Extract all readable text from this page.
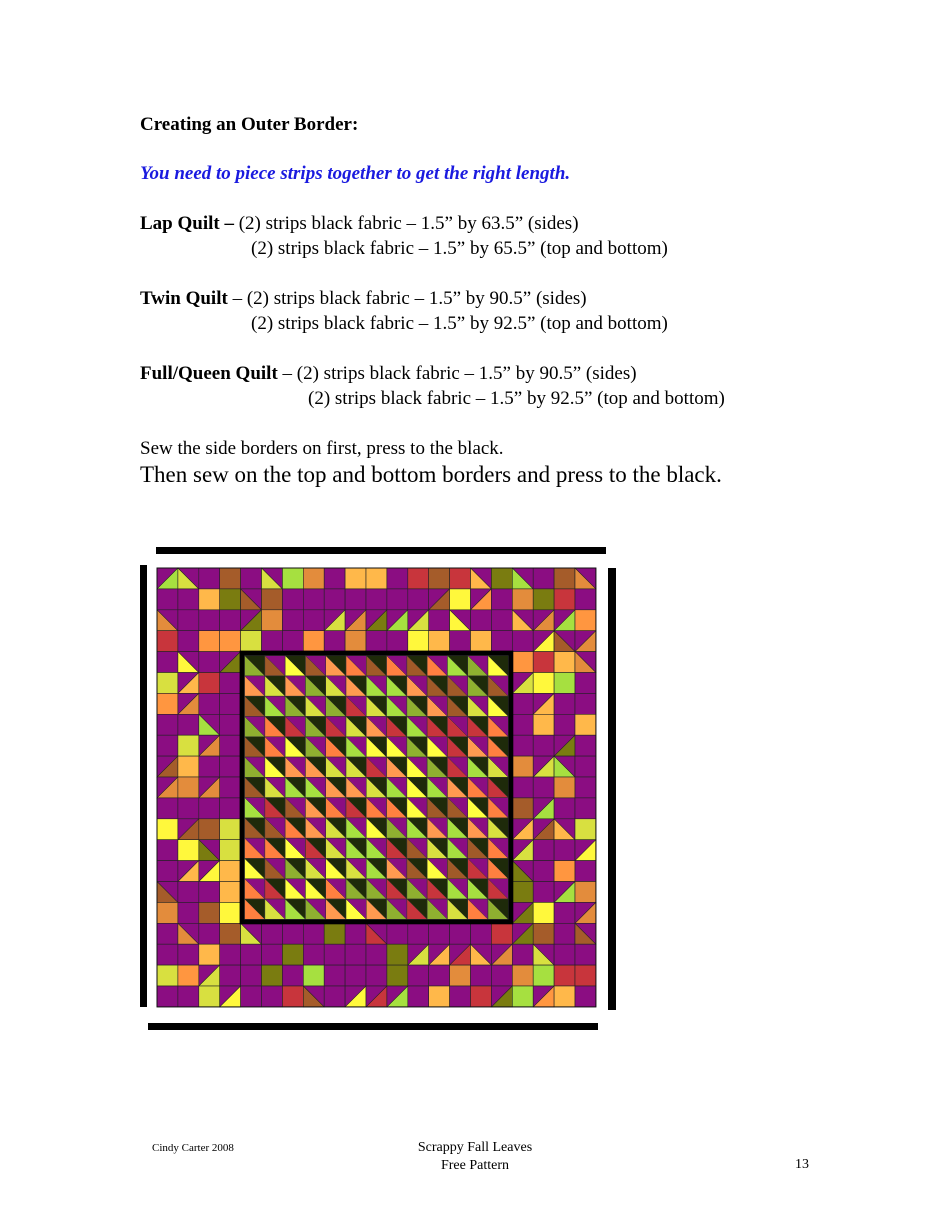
Creating an Outer Border:
You need to piece strips together to get the right length.
Lap Quilt – (2) strips black fabric – 1.5” by 63.5” (sides)
(2) strips black fabric – 1.5” by 65.5” (top and bottom)
Twin Quilt – (2) strips black fabric – 1.5” by 90.5” (sides)
(2) strips black fabric – 1.5” by 92.5” (top and bottom)
Full/Queen Quilt – (2) strips black fabric – 1.5” by 90.5” (sides)
(2) strips black fabric – 1.5” by 92.5” (top and bottom)
Sew the side borders on first, press to the black.
Then sew on the top and bottom borders and press to the black.
Cindy Carter 2008	Scrappy Fall Leaves
Free Pattern	13
